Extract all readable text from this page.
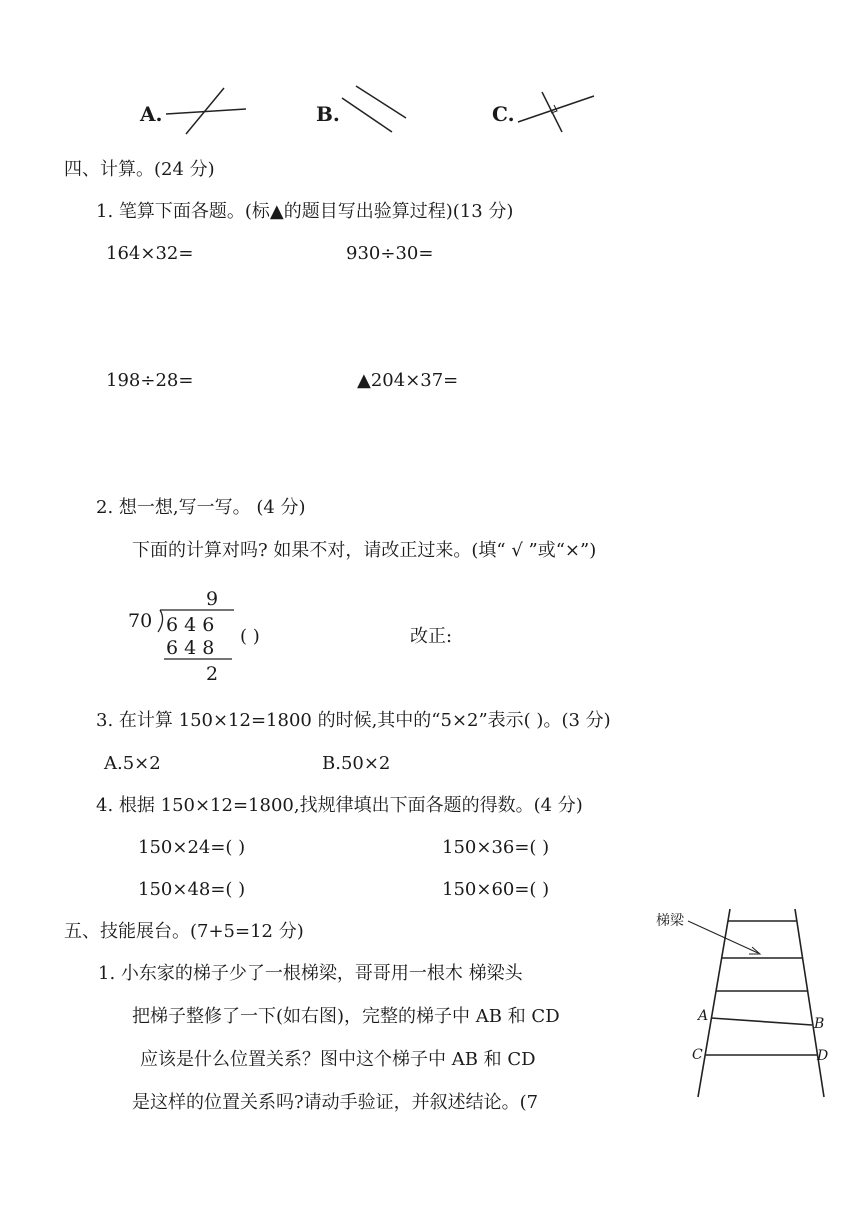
A.	B.	C.
四、计算。(24 分)
1. 笔算下面各题。(标▲的题目写出验算过程)(13 分)
164×32=	930÷30=
198÷28=	▲204×37=
2. 想一想,写一写。 (4 分)
下面的计算对吗? 如果不对，请改正过来。(填“ √ ”或“×”)
9
70 6 4 6
6 4 8
2
( )	改正:
3. 在计算 150×12=1800 的时候,其中的“5×2”表示( )。(3 分)
A.5×2	B.50×2
4. 根据 150×12=1800,找规律填出下面各题的得数。(4 分)
150×24=( )	150×36=( )
150×48=( )	150×60=( )
五、技能展台。(7+5=12 分)
1. 小东家的梯子少了一根梯梁，哥哥用一根木 梯梁头
把梯子整修了一下(如右图)，完整的梯子中 AB 和 CD
应该是什么位置关系？图中这个梯子中 AB 和 CD
是这样的位置关系吗?请动手验证，并叙述结论。(7
梯梁
A	B
C	D
